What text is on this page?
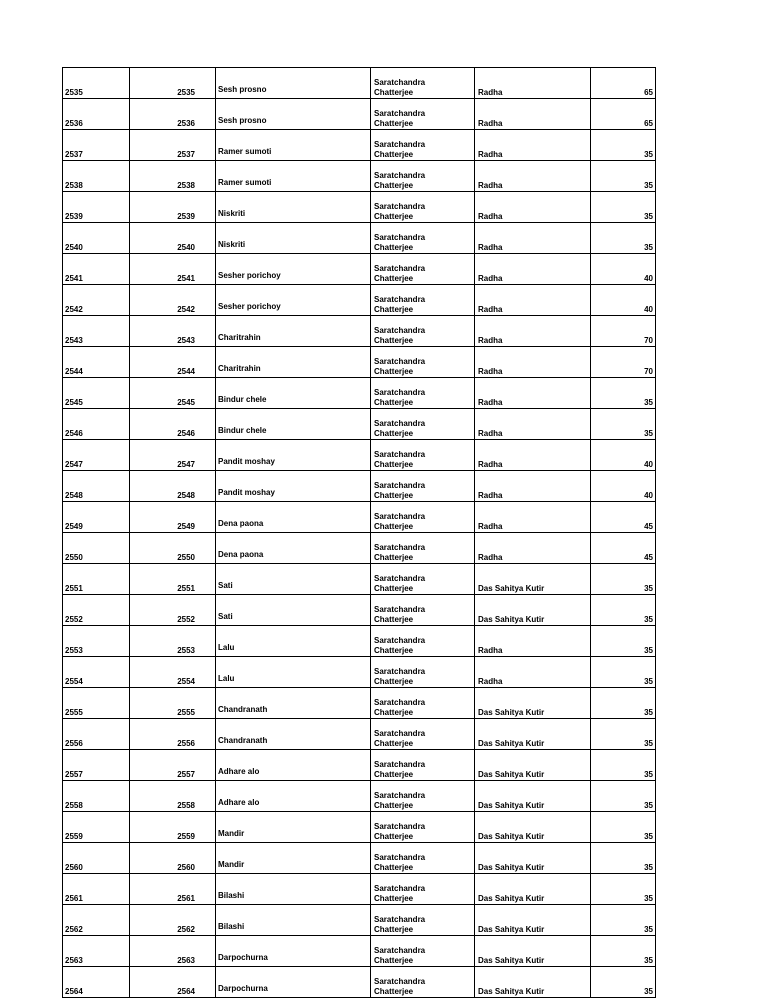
2535	2535	Sesh prosno	Saratchandra
Chatterjee	Radha	65
2536	2536	Sesh prosno	Saratchandra
Chatterjee	Radha	65
2537	2537	Ramer sumoti	Saratchandra
Chatterjee	Radha	35
2538	2538	Ramer sumoti	Saratchandra
Chatterjee	Radha	35
2539	2539	Niskriti	Saratchandra
Chatterjee	Radha	35
2540	2540	Niskriti	Saratchandra
Chatterjee	Radha	35
2541	2541	Sesher porichoy	Saratchandra
Chatterjee	Radha	40
2542	2542	Sesher porichoy	Saratchandra
Chatterjee	Radha	40
2543	2543	Charitrahin	Saratchandra
Chatterjee	Radha	70
2544	2544	Charitrahin	Saratchandra
Chatterjee	Radha	70
2545	2545	Bindur chele	Saratchandra
Chatterjee	Radha	35
2546	2546	Bindur chele	Saratchandra
Chatterjee	Radha	35
2547	2547	Pandit moshay	Saratchandra
Chatterjee	Radha	40
2548	2548	Pandit moshay	Saratchandra
Chatterjee	Radha	40
2549	2549	Dena paona	Saratchandra
Chatterjee	Radha	45
2550	2550	Dena paona	Saratchandra
Chatterjee	Radha	45
2551	2551	Sati	Saratchandra
Chatterjee	Das Sahitya Kutir	35
2552	2552	Sati	Saratchandra
Chatterjee	Das Sahitya Kutir	35
2553	2553	Lalu	Saratchandra
Chatterjee	Radha	35
2554	2554	Lalu	Saratchandra
Chatterjee	Radha	35
2555	2555	Chandranath	Saratchandra
Chatterjee	Das Sahitya Kutir	35
2556	2556	Chandranath	Saratchandra
Chatterjee	Das Sahitya Kutir	35
2557	2557	Adhare alo	Saratchandra
Chatterjee	Das Sahitya Kutir	35
2558	2558	Adhare alo	Saratchandra
Chatterjee	Das Sahitya Kutir	35
2559	2559	Mandir	Saratchandra
Chatterjee	Das Sahitya Kutir	35
2560	2560	Mandir	Saratchandra
Chatterjee	Das Sahitya Kutir	35
2561	2561	Bilashi	Saratchandra
Chatterjee	Das Sahitya Kutir	35
2562	2562	Bilashi	Saratchandra
Chatterjee	Das Sahitya Kutir	35
2563	2563	Darpochurna	Saratchandra
Chatterjee	Das Sahitya Kutir	35
2564	2564	Darpochurna	Saratchandra
Chatterjee	Das Sahitya Kutir	35
